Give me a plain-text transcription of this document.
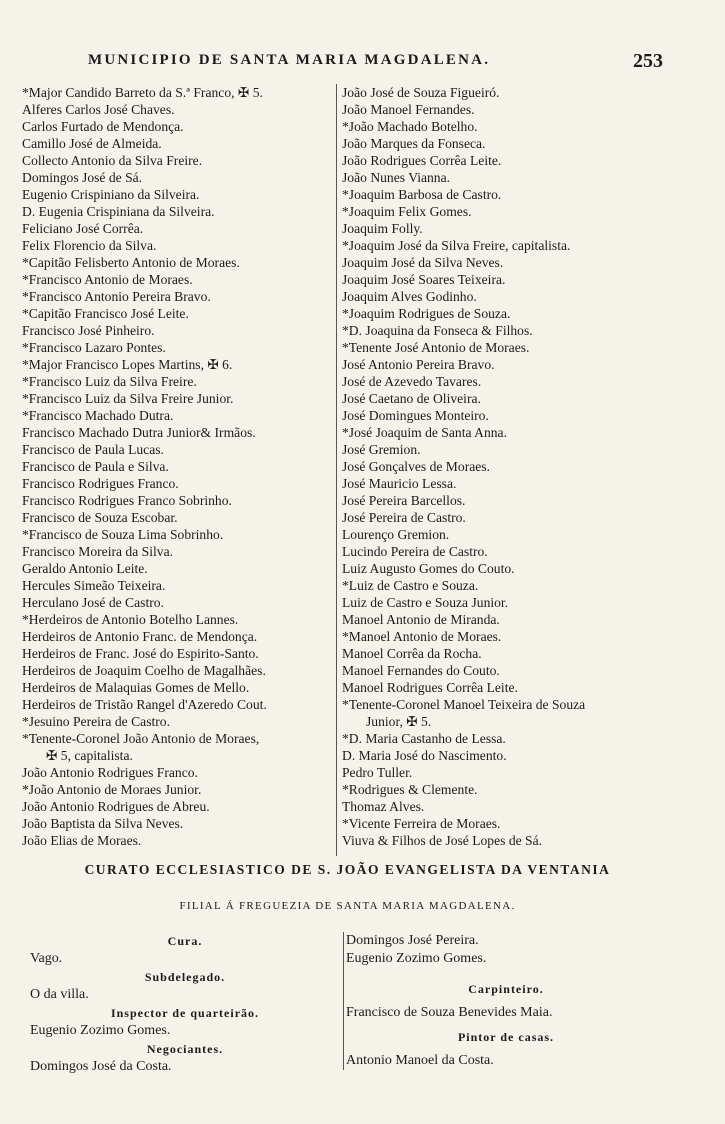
MUNICIPIO DE SANTA MARIA MAGDALENA.	253
*Major Candido Barreto da S.ª Franco, ✠ 5.
Alferes Carlos José Chaves.
Carlos Furtado de Mendonça.
Camillo José de Almeida.
Collecto Antonio da Silva Freire.
Domingos José de Sá.
Eugenio Crispiniano da Silveira.
D. Eugenia Crispiniana da Silveira.
Feliciano José Corrêa.
Felix Florencio da Silva.
*Capitão Felisberto Antonio de Moraes.
*Francisco Antonio de Moraes.
*Francisco Antonio Pereira Bravo.
*Capitão Francisco José Leite.
Francisco José Pinheiro.
*Francisco Lazaro Pontes.
*Major Francisco Lopes Martins, ✠ 6.
*Francisco Luiz da Silva Freire.
*Francisco Luiz da Silva Freire Junior.
*Francisco Machado Dutra.
Francisco Machado Dutra Junior& Irmãos.
Francisco de Paula Lucas.
Francisco de Paula e Silva.
Francisco Rodrigues Franco.
Francisco Rodrigues Franco Sobrinho.
Francisco de Souza Escobar.
*Francisco de Souza Lima Sobrinho.
Francisco Moreira da Silva.
Geraldo Antonio Leite.
Hercules Simeão Teixeira.
Herculano José de Castro.
*Herdeiros de Antonio Botelho Lannes.
Herdeiros de Antonio Franc. de Mendonça.
Herdeiros de Franc. José do Espirito-Santo.
Herdeiros de Joaquim Coelho de Magalhães.
Herdeiros de Malaquias Gomes de Mello.
Herdeiros de Tristão Rangel d'Azeredo Cout.
*Jesuino Pereira de Castro.
*Tenente-Coronel João Antonio de Moraes,
✠ 5, capitalista.
João Antonio Rodrigues Franco.
*João Antonio de Moraes Junior.
João Antonio Rodrigues de Abreu.
João Baptista da Silva Neves.
João Elias de Moraes.
João José de Souza Figueiró.
João Manoel Fernandes.
*João Machado Botelho.
João Marques da Fonseca.
João Rodrigues Corrêa Leite.
João Nunes Vianna.
*Joaquim Barbosa de Castro.
*Joaquim Felix Gomes.
Joaquim Folly.
*Joaquim José da Silva Freire, capitalista.
Joaquim José da Silva Neves.
Joaquim José Soares Teixeira.
Joaquim Alves Godinho.
*Joaquim Rodrigues de Souza.
*D. Joaquina da Fonseca & Filhos.
*Tenente José Antonio de Moraes.
José Antonio Pereira Bravo.
José de Azevedo Tavares.
José Caetano de Oliveira.
José Domingues Monteiro.
*José Joaquim de Santa Anna.
José Gremion.
José Gonçalves de Moraes.
José Mauricio Lessa.
José Pereira Barcellos.
José Pereira de Castro.
Lourenço Gremion.
Lucindo Pereira de Castro.
Luiz Augusto Gomes do Couto.
*Luiz de Castro e Souza.
Luiz de Castro e Souza Junior.
Manoel Antonio de Miranda.
*Manoel Antonio de Moraes.
Manoel Corrêa da Rocha.
Manoel Fernandes do Couto.
Manoel Rodrigues Corrêa Leite.
*Tenente-Coronel Manoel Teixeira de Souza
Junior, ✠ 5.
*D. Maria Castanho de Lessa.
D. Maria José do Nascimento.
Pedro Tuller.
*Rodrigues & Clemente.
Thomaz Alves.
*Vicente Ferreira de Moraes.
Viuva & Filhos de José Lopes de Sá.
CURATO ECCLESIASTICO DE S. JOÃO EVANGELISTA DA VENTANIA
FILIAL Á FREGUEZIA DE SANTA MARIA MAGDALENA.
Cura.
Vago.
Subdelegado.
O da villa.
Inspector de quarteirão.
Eugenio Zozimo Gomes.
Negociantes.
Domingos José da Costa.
Domingos José Pereira.
Eugenio Zozimo Gomes.
Carpinteiro.
Francisco de Souza Benevides Maia.
Pintor de casas.
Antonio Manoel da Costa.
